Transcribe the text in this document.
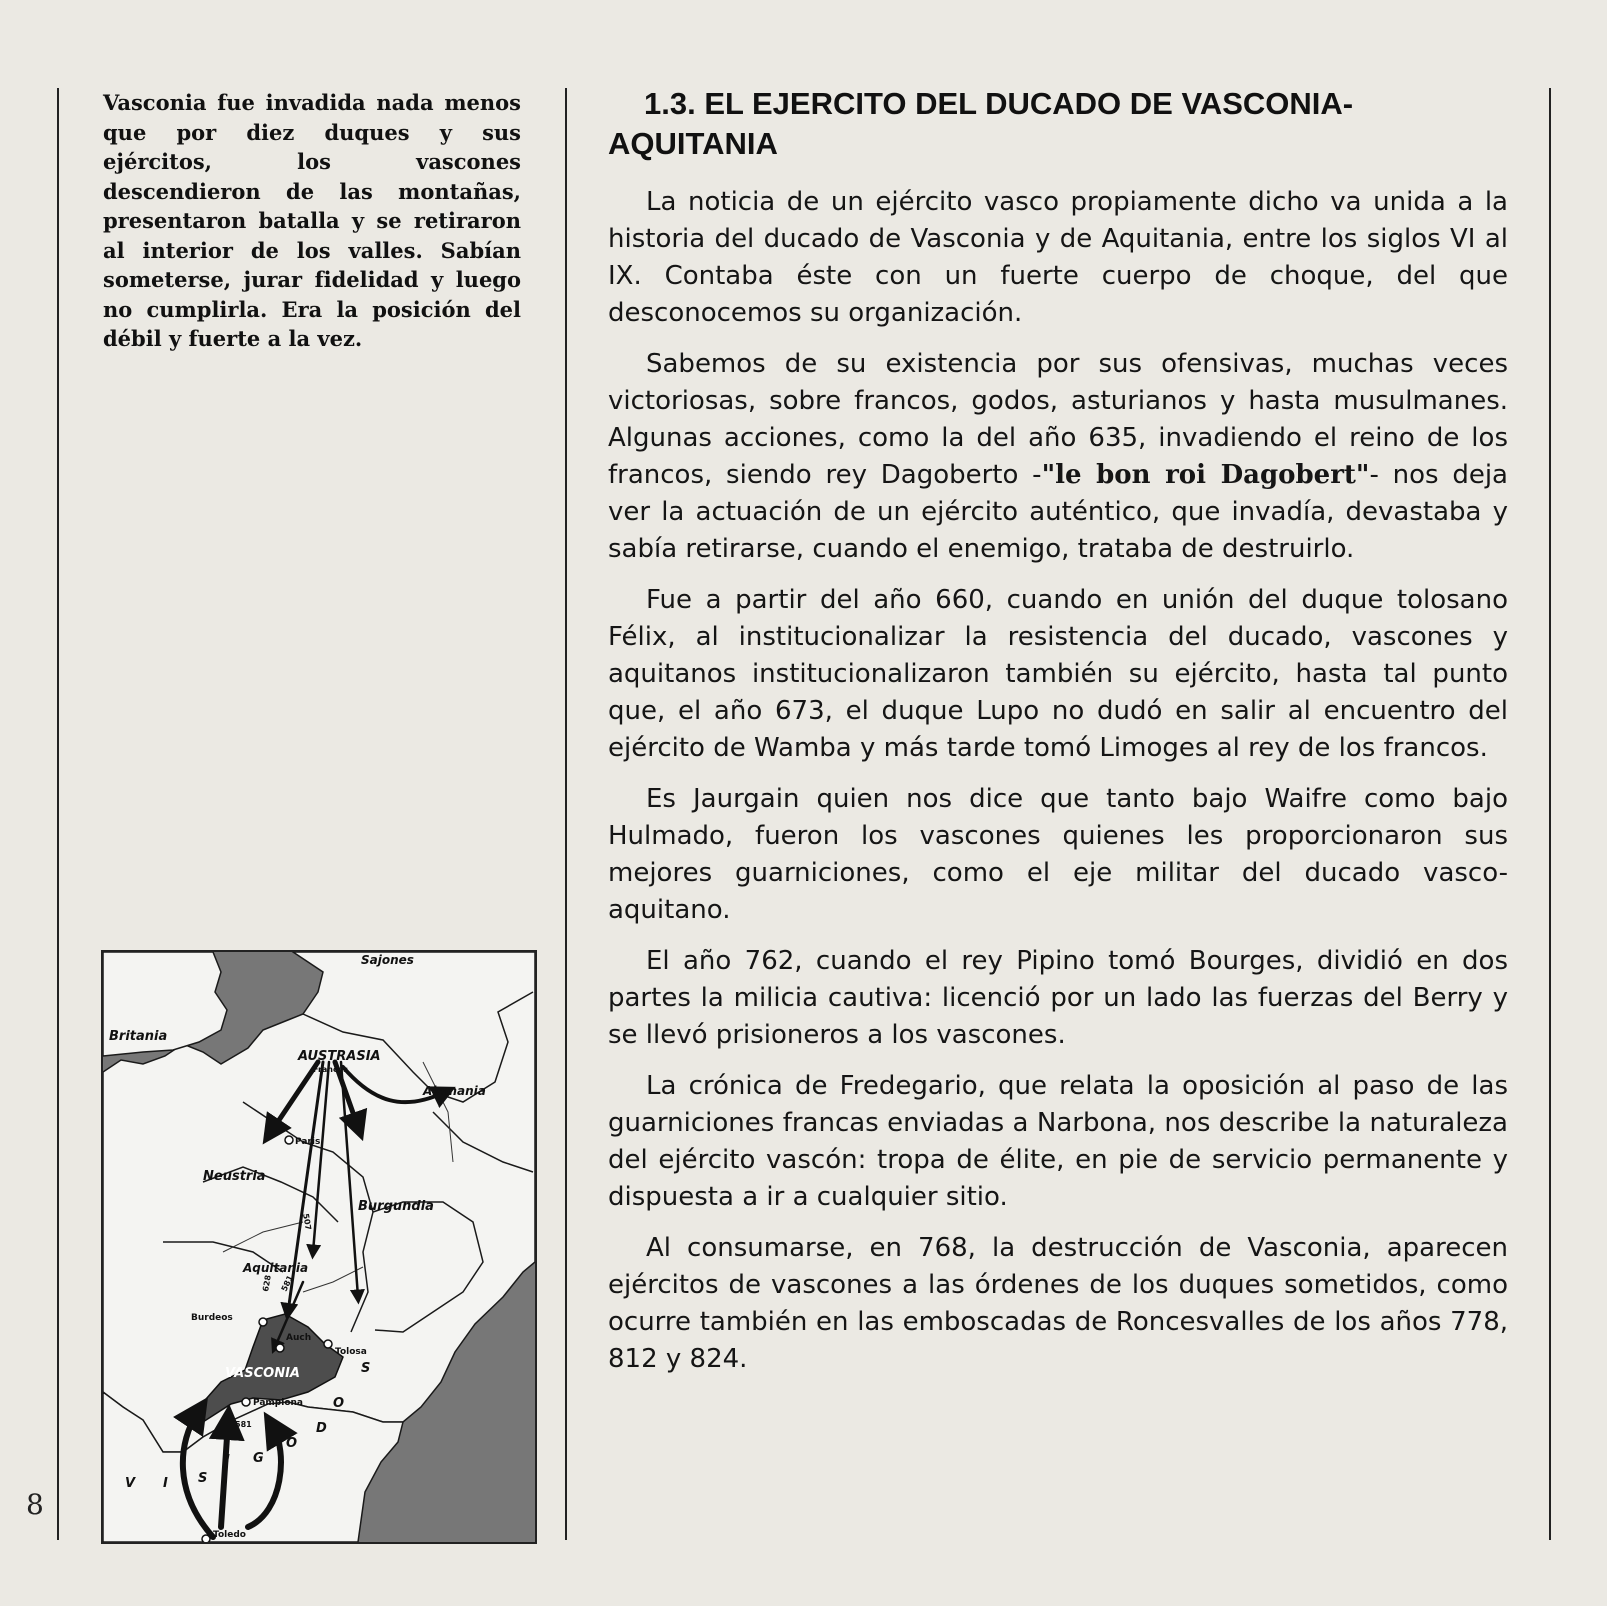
8
Vasconia fue invadida nada menos que por diez duques y sus ejércitos, los vascones descendieron de las montañas, presentaron batalla y se retiraron al interior de los valles. Sabían someterse, jurar fidelidad y luego no cumplirla. Era la posición del débil y fuerte a la vez.
1.3. EL EJERCITO DEL DUCADO DE VASCONIA-AQUITANIA

La noticia de un ejército vasco propiamente dicho va unida a la historia del ducado de Vasconia y de Aquitania, entre los siglos VI al IX. Contaba éste con un fuerte cuerpo de choque, del que desconocemos su organización.

Sabemos de su existencia por sus ofensivas, muchas veces victoriosas, sobre francos, godos, asturianos y hasta musulmanes. Algunas acciones, como la del año 635, invadiendo el reino de los francos, siendo rey Dagoberto -"le bon roi Dagobert"- nos deja ver la actuación de un ejército auténtico, que invadía, devastaba y sabía retirarse, cuando el enemigo, trataba de destruirlo.

Fue a partir del año 660, cuando en unión del duque tolosano Félix, al institucionalizar la resistencia del ducado, vascones y aquitanos institucionalizaron también su ejército, hasta tal punto que, el año 673, el duque Lupo no dudó en salir al encuentro del ejército de Wamba y más tarde tomó Limoges al rey de los francos.

Es Jaurgain quien nos dice que tanto bajo Waifre como bajo Hulmado, fueron los vascones quienes les proporcionaron sus mejores guarniciones, como el eje militar del ducado vasco-aquitano.

El año 762, cuando el rey Pipino tomó Bourges, dividió en dos partes la milicia cautiva: licenció por un lado las fuerzas del Berry y se llevó prisioneros a los vascones.

La crónica de Fredegario, que relata la oposición al paso de las guarniciones francas enviadas a Narbona, nos describe la naturaleza del ejército vascón: tropa de élite, en pie de servicio permanente y dispuesta a ir a cualquier sitio.

Al consumarse, en 768, la destrucción de Vasconia, aparecen ejércitos de vascones a las órdenes de los duques sometidos, como ocurre también en las emboscadas de Roncesvalles de los años 778, 812 y 824.

Sajones
Britania
AUSTRASIA
Francos
Alemania
Paris
Neustria
Burgundia
Aquitania
Burdeos
Auch
Tolosa
VASCONIA
Pamplona
Toledo
507
628 581
581
V I S
I G
O
D
O
S
